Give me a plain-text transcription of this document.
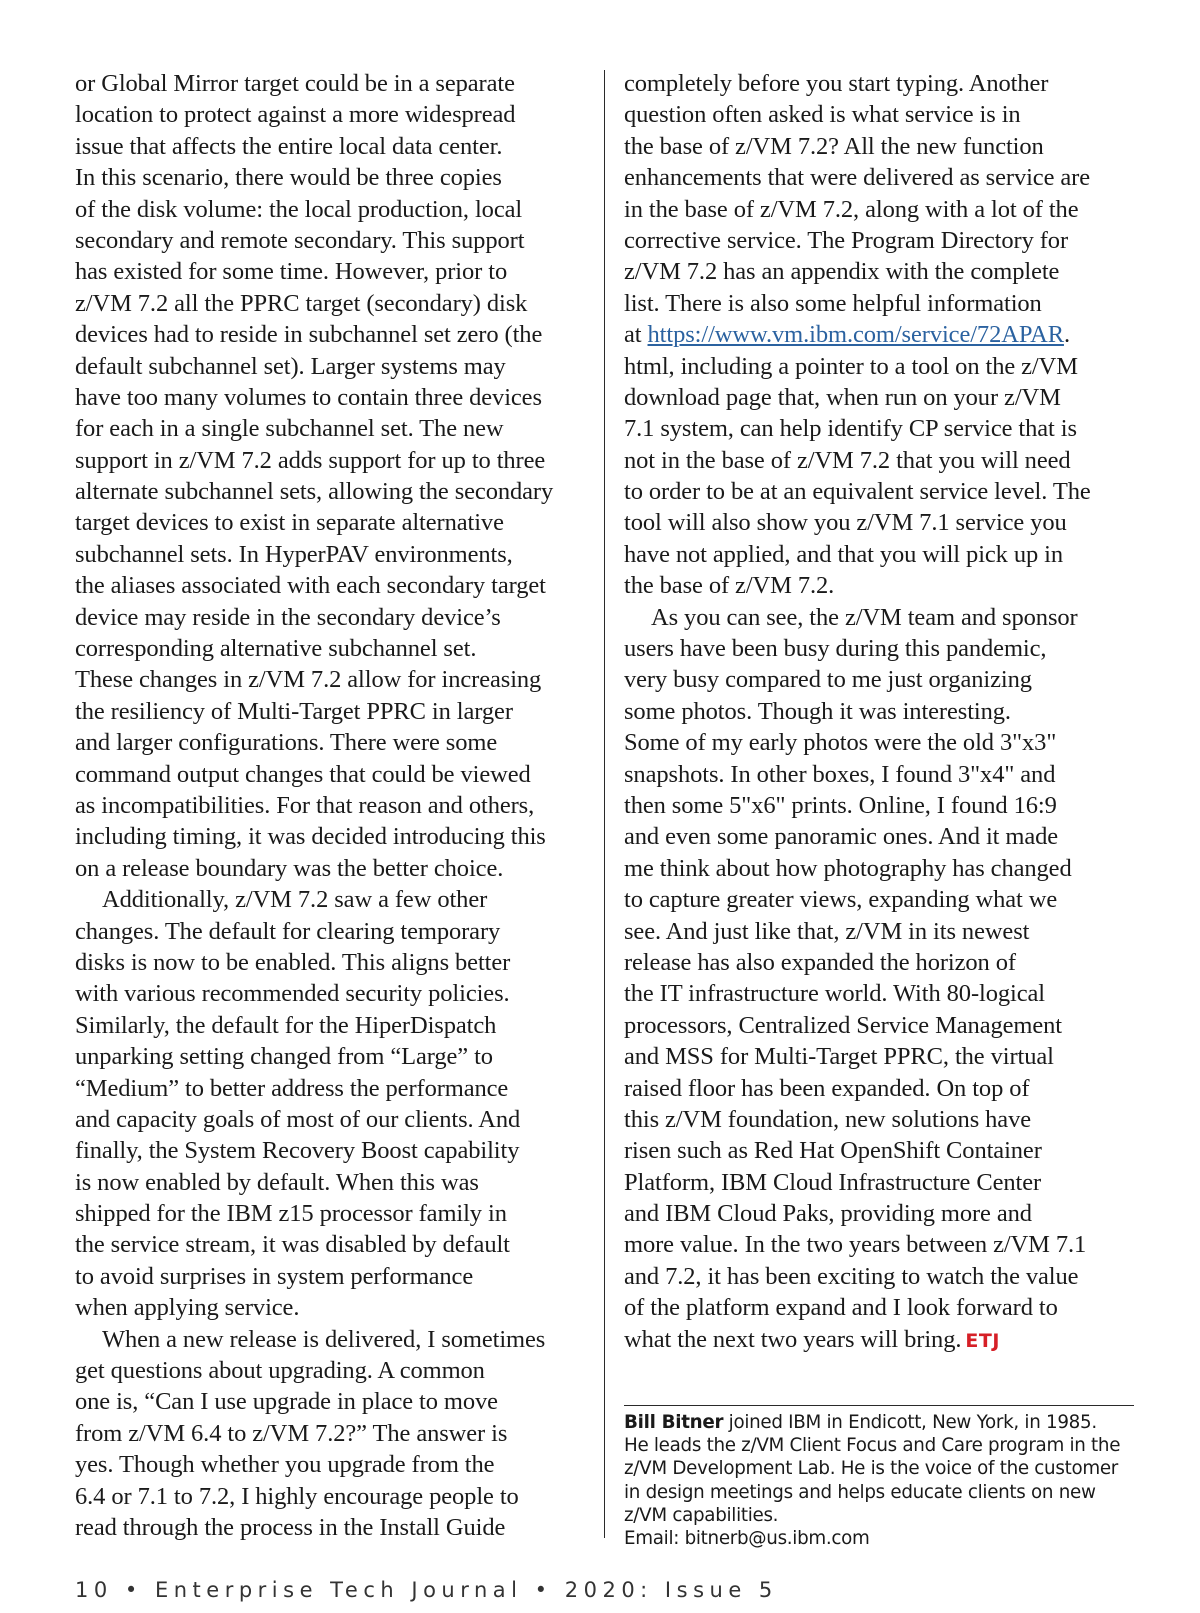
or Global Mirror target could be in a separate
location to protect against a more widespread
issue that affects the entire local data center.
In this scenario, there would be three copies
of the disk volume: the local production, local
secondary and remote secondary. This support
has existed for some time. However, prior to
z/VM 7.2 all the PPRC target (secondary) disk
devices had to reside in subchannel set zero (the
default subchannel set). Larger systems may
have too many volumes to contain three devices
for each in a single subchannel set. The new
support in z/VM 7.2 adds support for up to three
alternate subchannel sets, allowing the secondary
target devices to exist in separate alternative
subchannel sets. In HyperPAV environments,
the aliases associated with each secondary target
device may reside in the secondary device’s
corresponding alternative subchannel set.
These changes in z/VM 7.2 allow for increasing
the resiliency of Multi-Target PPRC in larger
and larger configurations. There were some
command output changes that could be viewed
as incompatibilities. For that reason and others,
including timing, it was decided introducing this
on a release boundary was the better choice.
Additionally, z/VM 7.2 saw a few other
changes. The default for clearing temporary
disks is now to be enabled. This aligns better
with various recommended security policies.
Similarly, the default for the HiperDispatch
unparking setting changed from “Large” to
“Medium” to better address the performance
and capacity goals of most of our clients. And
finally, the System Recovery Boost capability
is now enabled by default. When this was
shipped for the IBM z15 processor family in
the service stream, it was disabled by default
to avoid surprises in system performance
when applying service.
When a new release is delivered, I sometimes
get questions about upgrading. A common
one is, “Can I use upgrade in place to move
from z/VM 6.4 to z/VM 7.2?” The answer is
yes. Though whether you upgrade from the
6.4 or 7.1 to 7.2, I highly encourage people to
read through the process in the Install Guide
completely before you start typing. Another
question often asked is what service is in
the base of z/VM 7.2? All the new function
enhancements that were delivered as service are
in the base of z/VM 7.2, along with a lot of the
corrective service. The Program Directory for
z/VM 7.2 has an appendix with the complete
list. There is also some helpful information
at https://www.vm.ibm.com/service/72APAR.
html, including a pointer to a tool on the z/VM
download page that, when run on your z/VM
7.1 system, can help identify CP service that is
not in the base of z/VM 7.2 that you will need
to order to be at an equivalent service level. The
tool will also show you z/VM 7.1 service you
have not applied, and that you will pick up in
the base of z/VM 7.2.
As you can see, the z/VM team and sponsor
users have been busy during this pandemic,
very busy compared to me just organizing
some photos. Though it was interesting.
Some of my early photos were the old 3"x3"
snapshots. In other boxes, I found 3"x4" and
then some 5"x6" prints. Online, I found 16:9
and even some panoramic ones. And it made
me think about how photography has changed
to capture greater views, expanding what we
see. And just like that, z/VM in its newest
release has also expanded the horizon of
the IT infrastructure world. With 80-logical
processors, Centralized Service Management
and MSS for Multi-Target PPRC, the virtual
raised floor has been expanded. On top of
this z/VM foundation, new solutions have
risen such as Red Hat OpenShift Container
Platform, IBM Cloud Infrastructure Center
and IBM Cloud Paks, providing more and
more value. In the two years between z/VM 7.1
and 7.2, it has been exciting to watch the value
of the platform expand and I look forward to
what the next two years will bring. ETJ
Bill Bitner joined IBM in Endicott, New York, in 1985.
He leads the z/VM Client Focus and Care program in the
z/VM Development Lab. He is the voice of the customer
in design meetings and helps educate clients on new
z/VM capabilities.
Email: bitnerb@us.ibm.com
10 • Enterprise Tech Journal • 2020: Issue 5
